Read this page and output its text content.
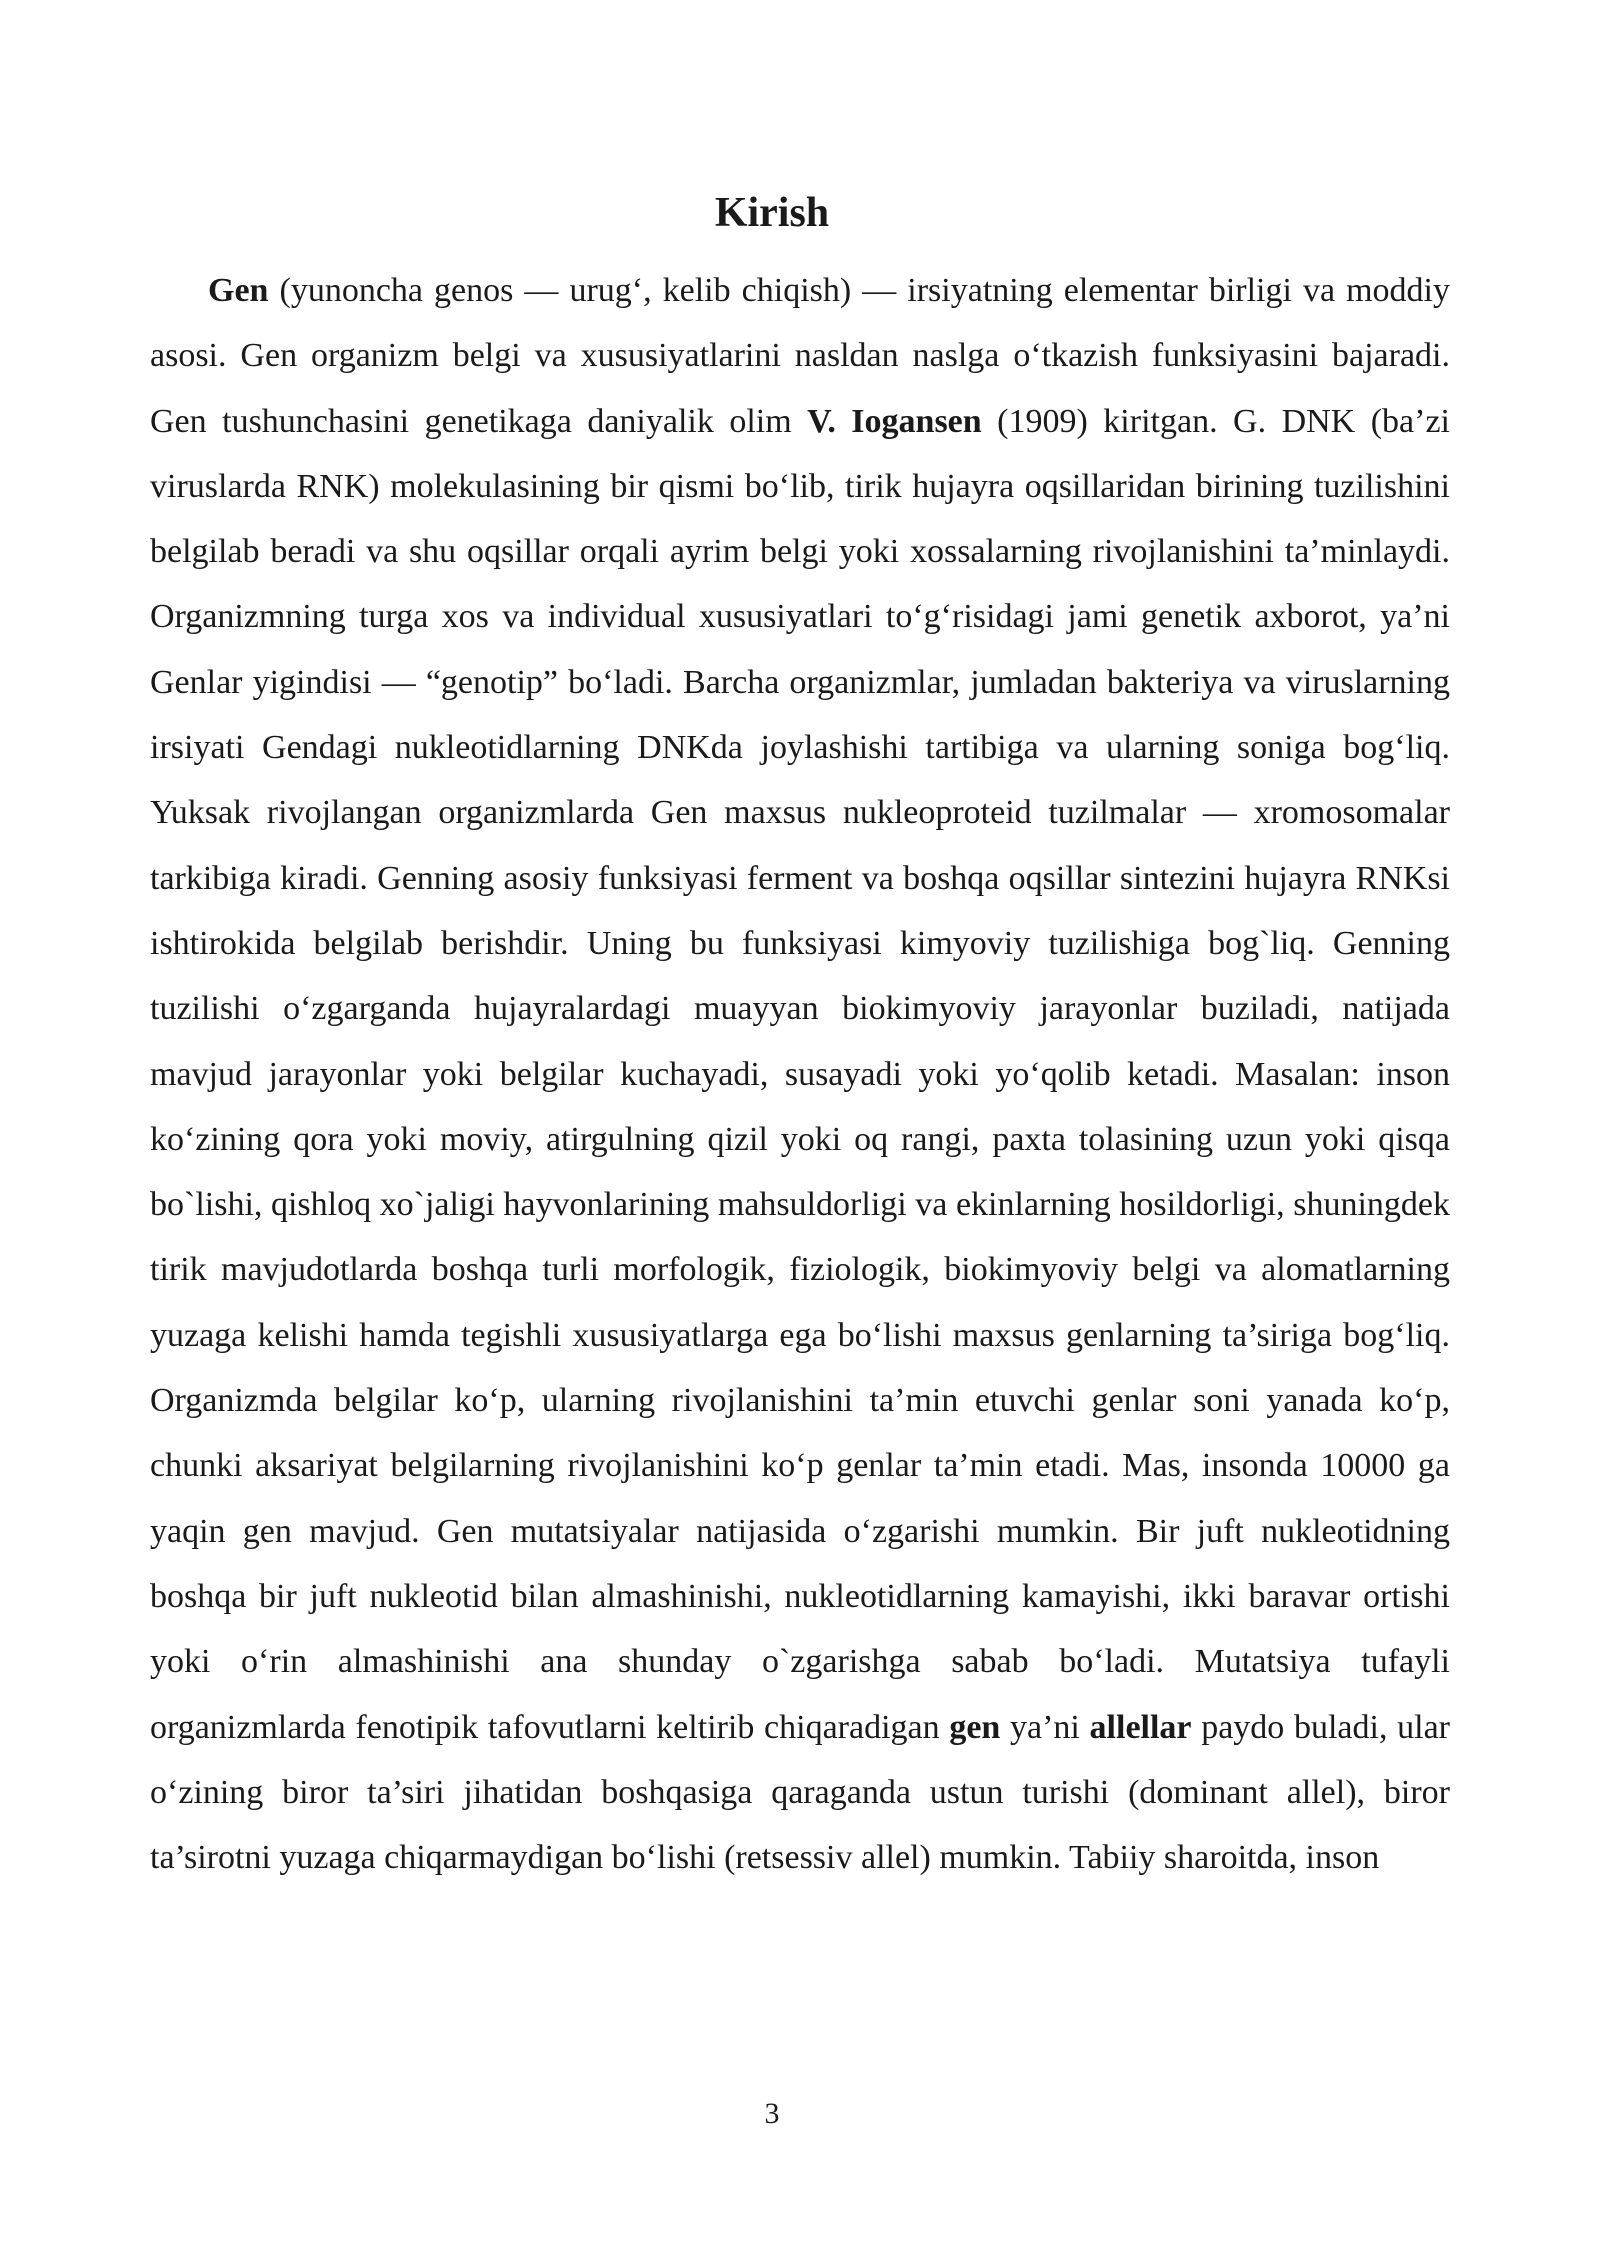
Kirish

Gen (yunoncha genos — urug‘, kelib chiqish) — irsiyatning elementar birligi va moddiy asosi. Gen organizm belgi va xususiyatlarini nasldan naslga o‘tkazish funksiyasini bajaradi. Gen tushunchasini genetikaga daniyalik olim V. Iogansen (1909) kiritgan. G. DNK (ba’zi viruslarda RNK) molekulasining bir qismi bo‘lib, tirik hujayra oqsillaridan birining tuzilishini belgilab beradi va shu oqsillar orqali ayrim belgi yoki xossalarning rivojlanishini ta’minlaydi. Organizmning turga xos va individual xususiyatlari to‘g‘risidagi jami genetik axborot, ya’ni Genlar yigindisi — “genotip” bo‘ladi. Barcha organizmlar, jumladan bakteriya va viruslarning irsiyati Gendagi nukleotidlarning DNKda joylashishi tartibiga va ularning soniga bog‘liq. Yuksak rivojlangan organizmlarda Gen maxsus nukleoproteid tuzilmalar — xromosomalar tarkibiga kiradi. Genning asosiy funksiyasi ferment va boshqa oqsillar sintezini hujayra RNKsi ishtirokida belgilab berishdir. Uning bu funksiyasi kimyoviy tuzilishiga bog`liq. Genning tuzilishi o‘zgarganda hujayralardagi muayyan biokimyoviy jarayonlar buziladi, natijada mavjud jarayonlar yoki belgilar kuchayadi, susayadi yoki yo‘qolib ketadi. Masalan: inson ko‘zining qora yoki moviy, atirgulning qizil yoki oq rangi, paxta tolasining uzun yoki qisqa bo`lishi, qishloq xo`jaligi hayvonlarining mahsuldorligi va ekinlarning hosildorligi, shuningdek tirik mavjudotlarda boshqa turli morfologik, fiziologik, biokimyoviy belgi va alomatlarning yuzaga kelishi hamda tegishli xususiyatlarga ega bo‘lishi maxsus genlarning ta’siriga bog‘liq. Organizmda belgilar ko‘p, ularning rivojlanishini ta’min etuvchi genlar soni yanada ko‘p, chunki aksariyat belgilarning rivojlanishini ko‘p genlar ta’min etadi. Mas, insonda 10000 ga yaqin gen mavjud. Gen mutatsiyalar natijasida o‘zgarishi mumkin. Bir juft nukleotidning boshqa bir juft nukleotid bilan almashinishi, nukleotidlarning kamayishi, ikki baravar ortishi yoki o‘rin almashinishi ana shunday o`zgarishga sabab bo‘ladi. Mutatsiya tufayli organizmlarda fenotipik tafovutlarni keltirib chiqaradigan gen ya’ni allellar paydo buladi, ular o‘zining biror ta’siri jihatidan boshqasiga qaraganda ustun turishi (dominant allel), biror ta’sirotni yuzaga chiqarmaydigan bo‘lishi (retsessiv allel) mumkin. Tabiiy sharoitda, inson

3
